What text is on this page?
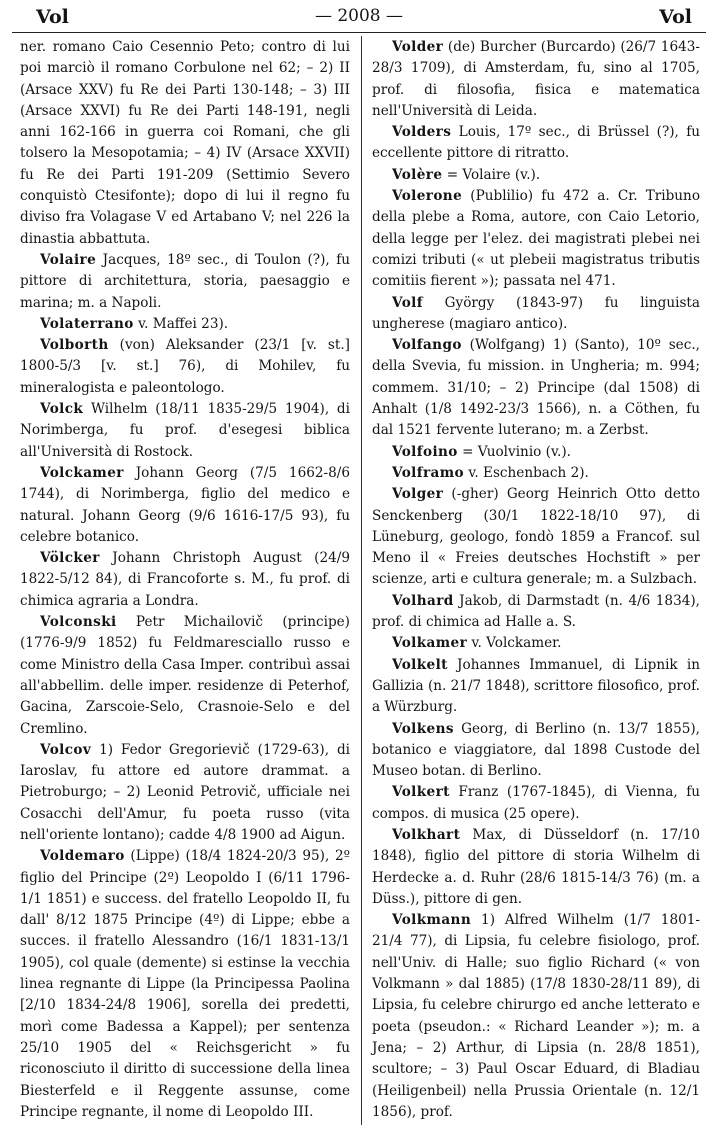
Vol	— 2008 —	Vol

ner. romano Caio Cesennio Peto; contro di lui poi marciò il romano Corbulone nel 62; – 2) II (Arsace XXV) fu Re dei Parti 130-148; – 3) III (Arsace XXVI) fu Re dei Parti 148-191, negli anni 162-166 in guerra coi Romani, che gli tolsero la Mesopotamia; – 4) IV (Arsace XXVII) fu Re dei Parti 191-209 (Settimio Severo conquistò Ctesifonte); dopo di lui il regno fu diviso fra Volagase V ed Artabano V; nel 226 la dinastia abbattuta.

Volaire Jacques, 18º sec., di Toulon (?), fu pittore di architettura, storia, paesaggio e marina; m. a Napoli.

Volaterrano v. Maffei 23).

Volborth (von) Aleksander (23/1 [v. st.] 1800-5/3 [v. st.] 76), di Mohilev, fu mineralogista e paleontologo.

Volck Wilhelm (18/11 1835-29/5 1904), di Norimberga, fu prof. d'esegesi biblica all'Università di Rostock.

Volckamer Johann Georg (7/5 1662-8/6 1744), di Norimberga, figlio del medico e natural. Johann Georg (9/6 1616-17/5 93), fu celebre botanico.

Völcker Johann Christoph August (24/9 1822-5/12 84), di Francoforte s. M., fu prof. di chimica agraria a Londra.

Volconski Petr Michailovič (principe) (1776-9/9 1852) fu Feldmaresciallo russo e come Ministro della Casa Imper. contribuì assai all'abbellim. delle imper. residenze di Peterhof, Gacina, Zarscoie-Selo, Crasnoie-Selo e del Cremlino.

Volcov 1) Fedor Gregorievič (1729-63), di Iaroslav, fu attore ed autore drammat. a Pietroburgo; – 2) Leonid Petrovič, ufficiale nei Cosacchi dell'Amur, fu poeta russo (vita nell'oriente lontano); cadde 4/8 1900 ad Aigun.

Voldemaro (Lippe) (18/4 1824-20/3 95), 2º figlio del Principe (2º) Leopoldo I (6/11 1796-1/1 1851) e success. del fratello Leopoldo II, fu dall' 8/12 1875 Principe (4º) di Lippe; ebbe a succes. il fratello Alessandro (16/1 1831-13/1 1905), col quale (demente) si estinse la vecchia linea regnante di Lippe (la Principessa Paolina [2/10 1834-24/8 1906], sorella dei predetti, morì come Badessa a Kappel); per sentenza 25/10 1905 del « Reichsgericht » fu riconosciuto il diritto di successione della linea Biesterfeld e il Reggente assunse, come Principe regnante, il nome di Leopoldo III.

Volder (de) Burcher (Burcardo) (26/7 1643-28/3 1709), di Amsterdam, fu, sino al 1705, prof. di filosofia, fisica e matematica nell'Università di Leida.

Volders Louis, 17º sec., di Brüssel (?), fu eccellente pittore di ritratto.

Volère = Volaire (v.).

Volerone (Publilio) fu 472 a. Cr. Tribuno della plebe a Roma, autore, con Caio Letorio, della legge per l'elez. dei magistrati plebei nei comizi tributi (« ut plebeii magistratus tributis comitiis fierent »); passata nel 471.

Volf György (1843-97) fu linguista ungherese (magiaro antico).

Volfango (Wolfgang) 1) (Santo), 10º sec., della Svevia, fu mission. in Ungheria; m. 994; commem. 31/10; – 2) Principe (dal 1508) di Anhalt (1/8 1492-23/3 1566), n. a Cöthen, fu dal 1521 fervente luterano; m. a Zerbst.

Volfoino = Vuolvinio (v.).

Volframo v. Eschenbach 2).

Volger (-gher) Georg Heinrich Otto detto Senckenberg (30/1 1822-18/10 97), di Lüneburg, geologo, fondò 1859 a Francof. sul Meno il « Freies deutsches Hochstift » per scienze, arti e cultura generale; m. a Sulzbach.

Volhard Jakob, di Darmstadt (n. 4/6 1834), prof. di chimica ad Halle a. S.

Volkamer v. Volckamer.

Volkelt Johannes Immanuel, di Lipnik in Gallizia (n. 21/7 1848), scrittore filosofico, prof. a Würzburg.

Volkens Georg, di Berlino (n. 13/7 1855), botanico e viaggiatore, dal 1898 Custode del Museo botan. di Berlino.

Volkert Franz (1767-1845), di Vienna, fu compos. di musica (25 opere).

Volkhart Max, di Düsseldorf (n. 17/10 1848), figlio del pittore di storia Wilhelm di Herdecke a. d. Ruhr (28/6 1815-14/3 76) (m. a Düss.), pittore di gen.

Volkmann 1) Alfred Wilhelm (1/7 1801-21/4 77), di Lipsia, fu celebre fisiologo, prof. nell'Univ. di Halle; suo figlio Richard (« von Volkmann » dal 1885) (17/8 1830-28/11 89), di Lipsia, fu celebre chirurgo ed anche letterato e poeta (pseudon.: « Richard Leander »); m. a Jena; – 2) Arthur, di Lipsia (n. 28/8 1851), scultore; – 3) Paul Oscar Eduard, di Bladiau (Heiligenbeil) nella Prussia Orientale (n. 12/1 1856), prof.
